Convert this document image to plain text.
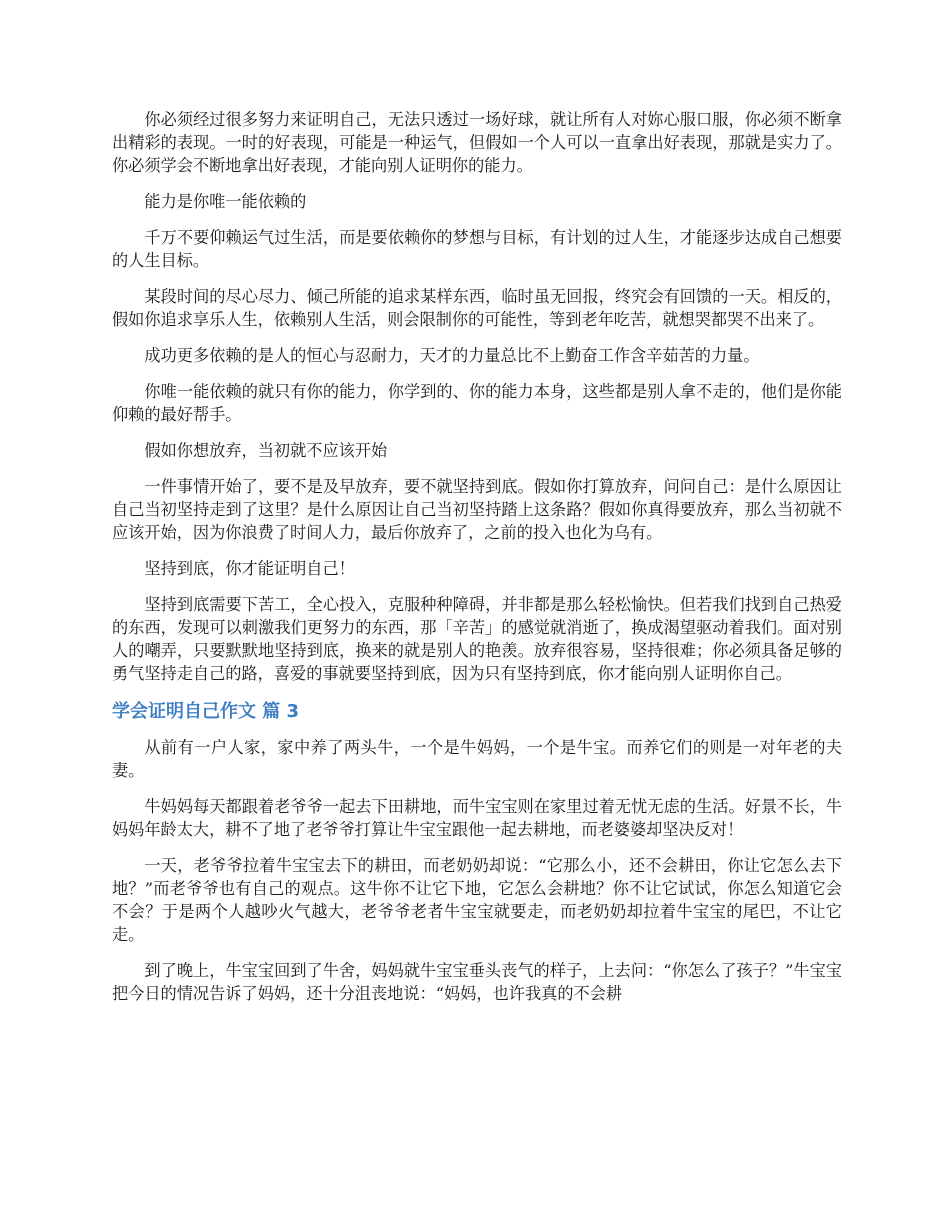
你必须经过很多努力来证明自己，无法只透过一场好球，就让所有人对妳心服口服，你必须不断拿出精彩的表现。一时的好表现，可能是一种运气，但假如一个人可以一直拿出好表现，那就是实力了。你必须学会不断地拿出好表现，才能向别人证明你的能力。

能力是你唯一能依赖的

千万不要仰赖运气过生活，而是要依赖你的梦想与目标，有计划的过人生，才能逐步达成自己想要的人生目标。

某段时间的尽心尽力、倾己所能的追求某样东西，临时虽无回报，终究会有回馈的一天。相反的，假如你追求享乐人生，依赖别人生活，则会限制你的可能性，等到老年吃苦，就想哭都哭不出来了。

成功更多依赖的是人的恒心与忍耐力，天才的力量总比不上勤奋工作含辛茹苦的力量。

你唯一能依赖的就只有你的能力，你学到的、你的能力本身，这些都是别人拿不走的，他们是你能仰赖的最好帮手。

假如你想放弃，当初就不应该开始

一件事情开始了，要不是及早放弃，要不就坚持到底。假如你打算放弃，问问自己：是什么原因让自己当初坚持走到了这里？是什么原因让自己当初坚持踏上这条路？假如你真得要放弃，那么当初就不应该开始，因为你浪费了时间人力，最后你放弃了，之前的投入也化为乌有。

坚持到底，你才能证明自己！

坚持到底需要下苦工，全心投入，克服种种障碍，并非都是那么轻松愉快。但若我们找到自己热爱的东西，发现可以刺激我们更努力的东西，那「辛苦」的感觉就消逝了，换成渴望驱动着我们。面对别人的嘲弄，只要默默地坚持到底，换来的就是别人的艳羡。放弃很容易，坚持很难；你必须具备足够的勇气坚持走自己的路，喜爱的事就要坚持到底，因为只有坚持到底，你才能向别人证明你自己。

学会证明自己作文 篇 3

从前有一户人家，家中养了两头牛，一个是牛妈妈，一个是牛宝。而养它们的则是一对年老的夫妻。

牛妈妈每天都跟着老爷爷一起去下田耕地，而牛宝宝则在家里过着无忧无虑的生活。好景不长，牛妈妈年龄太大，耕不了地了老爷爷打算让牛宝宝跟他一起去耕地，而老婆婆却坚决反对！

一天，老爷爷拉着牛宝宝去下的耕田，而老奶奶却说：“它那么小，还不会耕田，你让它怎么去下地？”而老爷爷也有自己的观点。这牛你不让它下地，它怎么会耕地？你不让它试试，你怎么知道它会不会？于是两个人越吵火气越大，老爷爷老者牛宝宝就要走，而老奶奶却拉着牛宝宝的尾巴，不让它走。

到了晚上，牛宝宝回到了牛舍，妈妈就牛宝宝垂头丧气的样子，上去问：“你怎么了孩子？”牛宝宝把今日的情况告诉了妈妈，还十分沮丧地说：“妈妈，也许我真的不会耕
